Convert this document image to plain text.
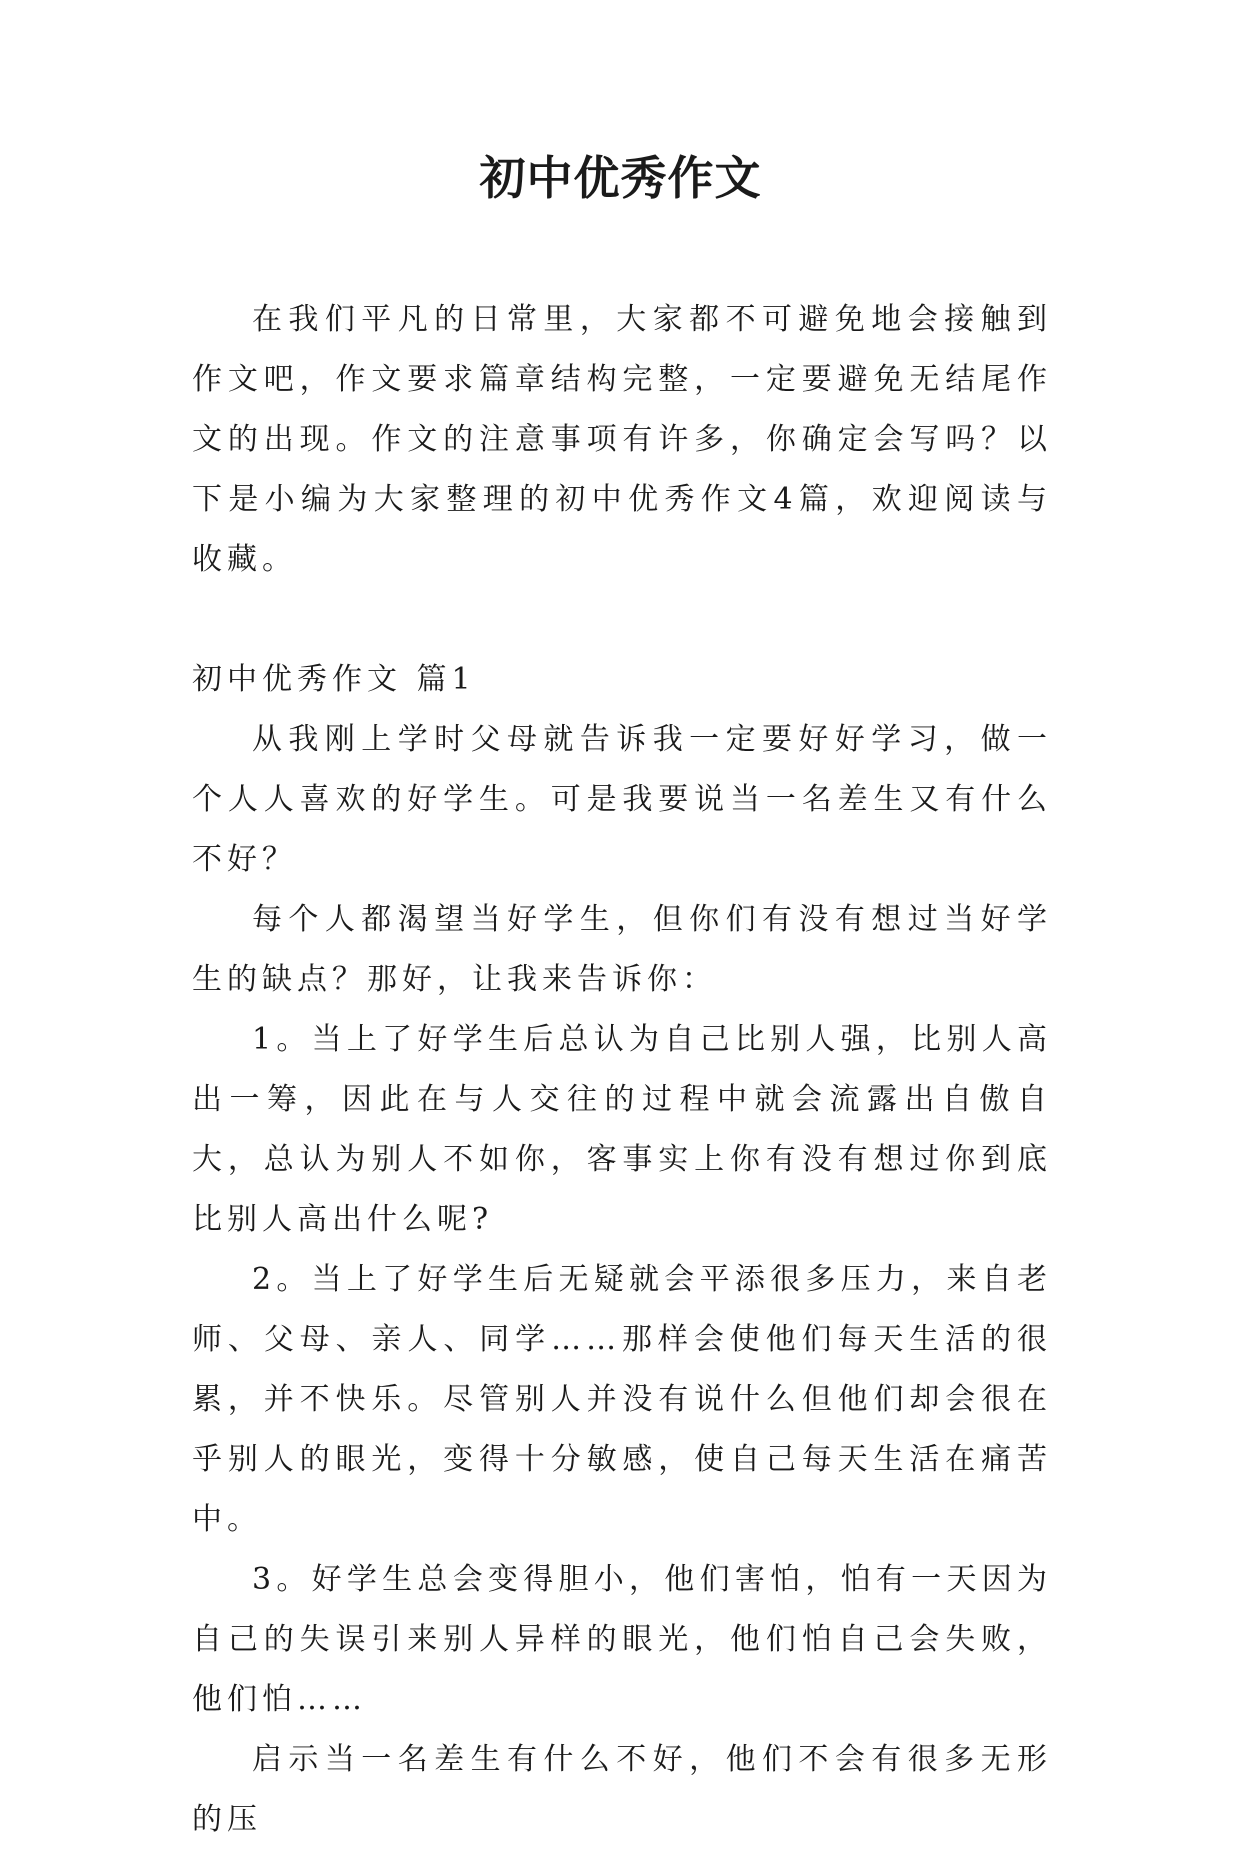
初中优秀作文

在我们平凡的日常里，大家都不可避免地会接触到作文吧，作文要求篇章结构完整，一定要避免无结尾作文的出现。作文的注意事项有许多，你确定会写吗？以下是小编为大家整理的初中优秀作文4篇，欢迎阅读与收藏。

初中优秀作文 篇1

从我刚上学时父母就告诉我一定要好好学习，做一个人人喜欢的好学生。可是我要说当一名差生又有什么不好？

每个人都渴望当好学生，但你们有没有想过当好学生的缺点？那好，让我来告诉你：

1。当上了好学生后总认为自己比别人强，比别人高出一筹，因此在与人交往的过程中就会流露出自傲自大，总认为别人不如你，客事实上你有没有想过你到底比别人高出什么呢?

2。当上了好学生后无疑就会平添很多压力，来自老师、父母、亲人、同学……那样会使他们每天生活的很累，并不快乐。尽管别人并没有说什么但他们却会很在乎别人的眼光，变得十分敏感，使自己每天生活在痛苦中。

3。好学生总会变得胆小，他们害怕，怕有一天因为自己的失误引来别人异样的眼光，他们怕自己会失败，他们怕……

启示当一名差生有什么不好，他们不会有很多无形的压
